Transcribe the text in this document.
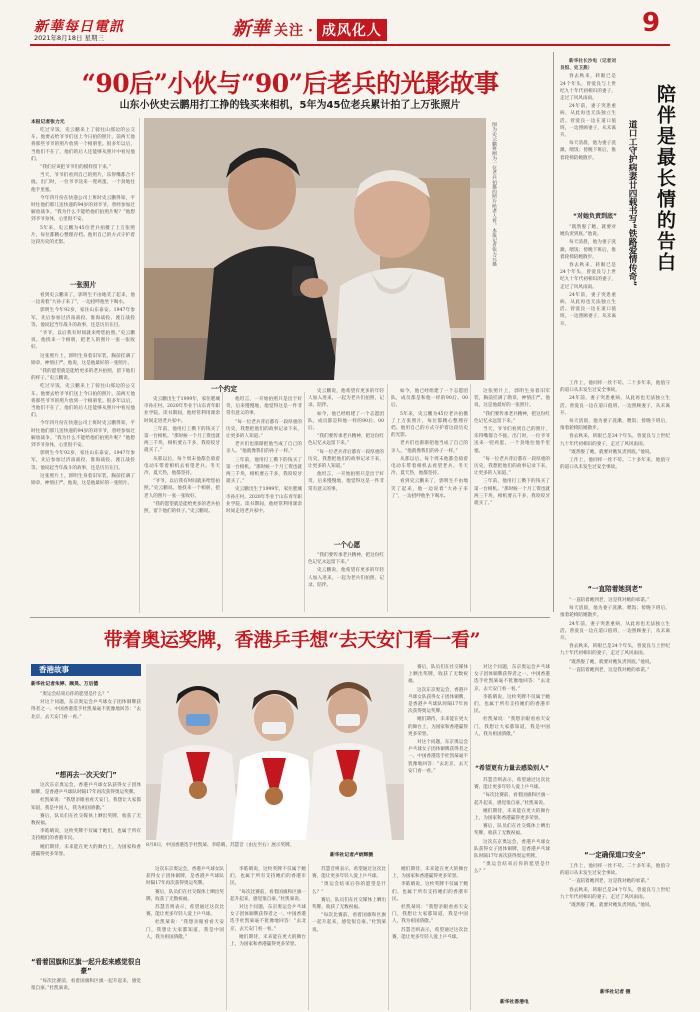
新華每日電訊
2021年8月18日 星期三	新華 关注 · 成风化人	9
“90后”小伙与“90”后老兵的光影故事
山东小伙史云鹏用打工挣的钱买来相机，5年为45位老兵累计拍了上万张照片
本报记者张力元

吃过早饭，史云鹏来上了骑往山那边的公交车。他要去给爷爷们送上今日拍的照片。前两天他将那些爷爷的照片放到一个相册里。很多年以后，当他们不在了，他们的后人还能够从照片中看见他们。

“我们应该把爷爷们的模样留下来。”

当天，爷爷们看到自己的照片，乐得嘴都合不拢。出门时，一位爷爷送来一兜鸡蛋，一个劲地往他手里塞。

今年四月份在快递公司上班时史云鹏得知，平时往他们那儿送快递的94岁的刘爷爷，曾经参加过解放战争。“我为什么不能给他们拍照片呢？”他想到爷爷身体，心里很不安。

5年来，史云鹏为45位老兵拍摄了上万张照片，每位都精心整理存档。他用自己的方式守护着这段历史的光影。

一张照片

看到史云鹏来了，郭明生不由地笑了起来，他一边说着“大孙子来了”，一边招呼他坐下喝水。

郭明生今年92岁，家住山东泰安。1947年参军，先后参加过济南战役、淮海战役、渡江战役等。他说起当年战斗的故事，还是历历在目。

“爷爷，以后我有时间就来给您拍照。”史云鹏说。他找来一个相册，把老人的照片一张一张收好。

这张照片上，郭明生身着旧军装，胸前挂满了勋章，神情庄严。他说，这是他最好的一张照片。

“我的愿望就是能给更多的老兵拍照，留下他们的样子。”史云鹏说。

吃过早饭，史云鹏来上了骑往山那边的公交车。他要去给爷爷们送上今日拍的照片。前两天他将那些爷爷的照片放到一个相册里。很多年以后，当他们不在了，他们的后人还能够从照片中看见他们。

今年四月份在快递公司上班时史云鹏得知，平时往他们那儿送快递的94岁的刘爷爷，曾经参加过解放战争。“我为什么不能给他们拍照片呢？”他想到爷爷身体，心里很不安。

郭明生今年92岁，家住山东泰安。1947年参军，先后参加过济南战役、淮海战役、渡江战役等。他说起当年战斗的故事，还是历历在目。

这张照片上，郭明生身着旧军装，胸前挂满了勋章，神情庄严。他说，这是他最好的一张照片。

图为史云鹏将刚为一位老兵拍摄的照片给老人看。本报记者张力元摄
一个约定

史云鹏出生于1999年，家住肥城市孙庄村。2020年毕业于山东青年职业学院。读书期间，他经常利用课余时间走进老兵家中。

三年前，他用打工攒下的钱买了第一台相机。“那时候一个月工资也就两三千块，相机要五千多，我咬咬牙就买了。”

从那以后，每个周末他都会骑着电动车带着相机去看望老兵。冬天冷，夏天热，他都坚持。

“爷爷，以后我有时间就来给您拍照。”史云鹏说。他找来一个相册，把老人的照片一张一张收好。

“我的愿望就是能给更多的老兵拍照，留下他们的样子。”史云鹏说。

他坦言，一开始拍照只是出于好奇，后来慢慢地，他觉得这是一件非常有意义的事。

“每一位老兵背后都有一段厚重的历史，我想把他们的故事记录下来，让更多的人知道。”

老兵们也渐渐把他当成了自己的亲人。“他就像我们的孙子一样。”

三年前，他用打工攒下的钱买了第一台相机。“那时候一个月工资也就两三千块，相机要五千多，我咬咬牙就买了。”

史云鹏出生于1999年，家住肥城市孙庄村。2020年毕业于山东青年职业学院。读书期间，他经常利用课余时间走进老兵家中。

一个心愿

史云鹏说，他希望有更多的年轻人加入进来，一起为老兵们拍照、记录、陪伴。

如今，他已经组建了一个志愿团队，成员都是和他一样的90后、00后。

“我们要传承老兵精神，把这份红色记忆永远留下来。”

“每一位老兵背后都有一段厚重的历史，我想把他们的故事记录下来，让更多的人知道。”

他坦言，一开始拍照只是出于好奇，后来慢慢地，他觉得这是一件非常有意义的事。

“我们要传承老兵精神，把这份红色记忆永远留下来。”

史云鹏说，他希望有更多的年轻人加入进来，一起为老兵们拍照、记录、陪伴。

如今，他已经组建了一个志愿团队，成员都是和他一样的90后、00后。

5年来，史云鹏为45位老兵拍摄了上万张照片，每位都精心整理存档。他用自己的方式守护着这段历史的光影。

老兵们也渐渐把他当成了自己的亲人。“他就像我们的孙子一样。”

从那以后，每个周末他都会骑着电动车带着相机去看望老兵。冬天冷，夏天热，他都坚持。

看到史云鹏来了，郭明生不由地笑了起来，他一边说着“大孙子来了”，一边招呼他坐下喝水。

这张照片上，郭明生身着旧军装，胸前挂满了勋章，神情庄严。他说，这是他最好的一张照片。

“我们要传承老兵精神，把这份红色记忆永远留下来。”

当天，爷爷们看到自己的照片，乐得嘴都合不拢。出门时，一位爷爷送来一兜鸡蛋，一个劲地往他手里塞。

“每一位老兵背后都有一段厚重的历史，我想把他们的故事记录下来，让更多的人知道。”

三年前，他用打工攒下的钱买了第一台相机。“那时候一个月工资也就两三千块，相机要五千多，我咬咬牙就买了。”

陪伴是最长情的告白
道口工守护病妻廿四载书写“铁路爱情传奇”

新华社长沙电（记者刘良恒、史卫燕）

春去秋来，转眼已是24个年头，曾爱良与上世纪九十年代初相识的妻子，走过了风风雨雨。

24年前，妻子突患重病，从此再也无法独立生活。曾爱良一边在道口值班，一边照顾妻子，从未离开。

每天清晨，他为妻子洗漱、喂饭；傍晚下班后，推着轮椅陪她散步。

“对她负责到底”

“既然娶了她，就要对她负责到底。”他说。

每天清晨，他为妻子洗漱、喂饭；傍晚下班后，推着轮椅陪她散步。

春去秋来，转眼已是24个年头，曾爱良与上世纪九十年代初相识的妻子，走过了风风雨雨。

24年前，妻子突患重病，从此再也无法独立生活。曾爱良一边在道口值班，一边照顾妻子，从未离开。

工作上，他同样一丝不苟。二十多年来，他值守的道口从未发生过安全事故。

24年前，妻子突患重病，从此再也无法独立生活。曾爱良一边在道口值班，一边照顾妻子，从未离开。

每天清晨，他为妻子洗漱、喂饭；傍晚下班后，推着轮椅陪她散步。

春去秋来，转眼已是24个年头，曾爱良与上世纪九十年代初相识的妻子，走过了风风雨雨。

“既然娶了她，就要对她负责到底。”他说。

工作上，他同样一丝不苟。二十多年来，他值守的道口从未发生过安全事故。

“一直陪着她到老”

“一直陪着她到老，这是我对她的承诺。”

每天清晨，他为妻子洗漱、喂饭；傍晚下班后，推着轮椅陪她散步。

24年前，妻子突患重病，从此再也无法独立生活。曾爱良一边在道口值班，一边照顾妻子，从未离开。

春去秋来，转眼已是24个年头，曾爱良与上世纪九十年代初相识的妻子，走过了风风雨雨。

“既然娶了她，就要对她负责到底。”他说。

“一直陪着她到老，这是我对她的承诺。”

“一定确保道口安全”

工作上，他同样一丝不苟。二十多年来，他值守的道口从未发生过安全事故。

“一直陪着她到老，这是我对她的承诺。”

春去秋来，转眼已是24个年头，曾爱良与上世纪九十年代初相识的妻子，走过了风风雨雨。

“既然娶了她，就要对她负责到底。”他说。

新华社记者 摄
带着奥运奖牌，香港乒手想“去天安门看一看”
香港故事
新华社记者朱婷、顾昊、万后德

“奥运会结束后你的愿望是什么？”

对这个问题，东京奥运会乒乓球女子团体铜牌获得者之一、中国香港选手杜凯琹毫不犹豫地回答：“去北京，去天安门看一看。”

“想再去一次天安门”

这次东京奥运会，香港乒乓球女队获得女子团体铜牌，是香港乒乓球队时隔17年再次获得奥运奖牌。

杜凯琹说：“我想亲眼看看天安门，我想让大家都知道，我是中国人，我为祖国骄傲。”

赛后，队员们在社交媒体上晒出奖牌，收获了无数祝福。

李皓晴说，这枚奖牌不仅属于她们，也属于所有支持她们的香港市民。

她们期待，未来能在更大的舞台上，为国家和香港赢得更多荣誉。

“看着国旗和区旗一起升起来感觉很自豪”

“每次比赛前，看着国旗和区旗一起升起来，感觉很自豪。”杜凯琹说。

8月8日，中国香港选手杜凯琹、李皓晴、苏慧音（由左至右）展示奖牌。
新华社记者卢炳辉摄

这次东京奥运会，香港乒乓球女队获得女子团体铜牌，是香港乒乓球队时隔17年再次获得奥运奖牌。

赛后，队员们在社交媒体上晒出奖牌，收获了无数祝福。

苏慧音则表示，希望通过这次比赛，能让更多年轻人爱上乒乓球。

杜凯琹说：“我想亲眼看看天安门，我想让大家都知道，我是中国人，我为祖国骄傲。”

李皓晴说，这枚奖牌不仅属于她们，也属于所有支持她们的香港市民。

“每次比赛前，看着国旗和区旗一起升起来，感觉很自豪。”杜凯琹说。

对这个问题，东京奥运会乒乓球女子团体铜牌获得者之一、中国香港选手杜凯琹毫不犹豫地回答：“去北京，去天安门看一看。”

她们期待，未来能在更大的舞台上，为国家和香港赢得更多荣誉。

苏慧音则表示，希望通过这次比赛，能让更多年轻人爱上乒乓球。

“奥运会结束后你的愿望是什么？”

赛后，队员们在社交媒体上晒出奖牌，收获了无数祝福。

“每次比赛前，看着国旗和区旗一起升起来，感觉很自豪。”杜凯琹说。

她们期待，未来能在更大的舞台上，为国家和香港赢得更多荣誉。

李皓晴说，这枚奖牌不仅属于她们，也属于所有支持她们的香港市民。

杜凯琹说：“我想亲眼看看天安门，我想让大家都知道，我是中国人，我为祖国骄傲。”

苏慧音则表示，希望通过这次比赛，能让更多年轻人爱上乒乓球。

赛后，队员们在社交媒体上晒出奖牌，收获了无数祝福。

这次东京奥运会，香港乒乓球女队获得女子团体铜牌，是香港乒乓球队时隔17年再次获得奥运奖牌。

她们期待，未来能在更大的舞台上，为国家和香港赢得更多荣誉。

对这个问题，东京奥运会乒乓球女子团体铜牌获得者之一、中国香港选手杜凯琹毫不犹豫地回答：“去北京，去天安门看一看。”

对这个问题，东京奥运会乒乓球女子团体铜牌获得者之一、中国香港选手杜凯琹毫不犹豫地回答：“去北京，去天安门看一看。”

李皓晴说，这枚奖牌不仅属于她们，也属于所有支持她们的香港市民。

杜凯琹说：“我想亲眼看看天安门，我想让大家都知道，我是中国人，我为祖国骄傲。”

“希望更有力量去感染别人”

苏慧音则表示，希望通过这次比赛，能让更多年轻人爱上乒乓球。

“每次比赛前，看着国旗和区旗一起升起来，感觉很自豪。”杜凯琹说。

她们期待，未来能在更大的舞台上，为国家和香港赢得更多荣誉。

赛后，队员们在社交媒体上晒出奖牌，收获了无数祝福。

这次东京奥运会，香港乒乓球女队获得女子团体铜牌，是香港乒乓球队时隔17年再次获得奥运奖牌。

“奥运会结束后你的愿望是什么？”

新华社香港电
